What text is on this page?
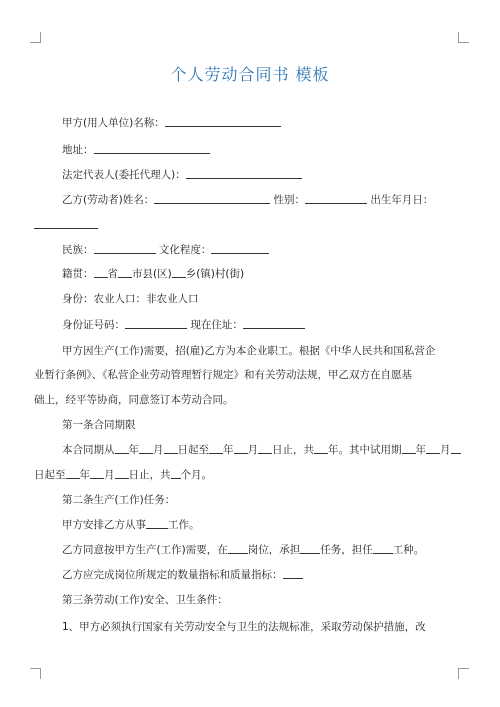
个人劳动合同书 模板
甲方(用人单位)名称：
地址：
法定代表人(委托代理人)：
乙方(劳动者)姓名：	性别：	出生年月日：
民族：	文化程度：
籍贯： 省 市县(区) 乡(镇)村(街)
身份：农业人口：非农业人口
身份证号码：	现在住址：
甲方因生产(工作)需要，招(雇)乙方为本企业职工。根据《中华人民共和国私营企
业暂行条例》、《私营企业劳动管理暂行规定》和有关劳动法规，甲乙双方在自愿基
础上，经平等协商，同意签订本劳动合同。
第一条合同期限
本合同期从 年 月 日起至 年 月 日止，共 年。其中试用期 年 月
日起至 年 月 日止，共 个月。
第二条生产(工作)任务：
甲方安排乙方从事 工作。
乙方同意按甲方生产(工作)需要，在 岗位，承担 任务，担任 工种。
乙方应完成岗位所规定的数量指标和质量指标：
第三条劳动(工作)安全、卫生条件：
1、甲方必须执行国家有关劳动安全与卫生的法规标准，采取劳动保护措施，改
